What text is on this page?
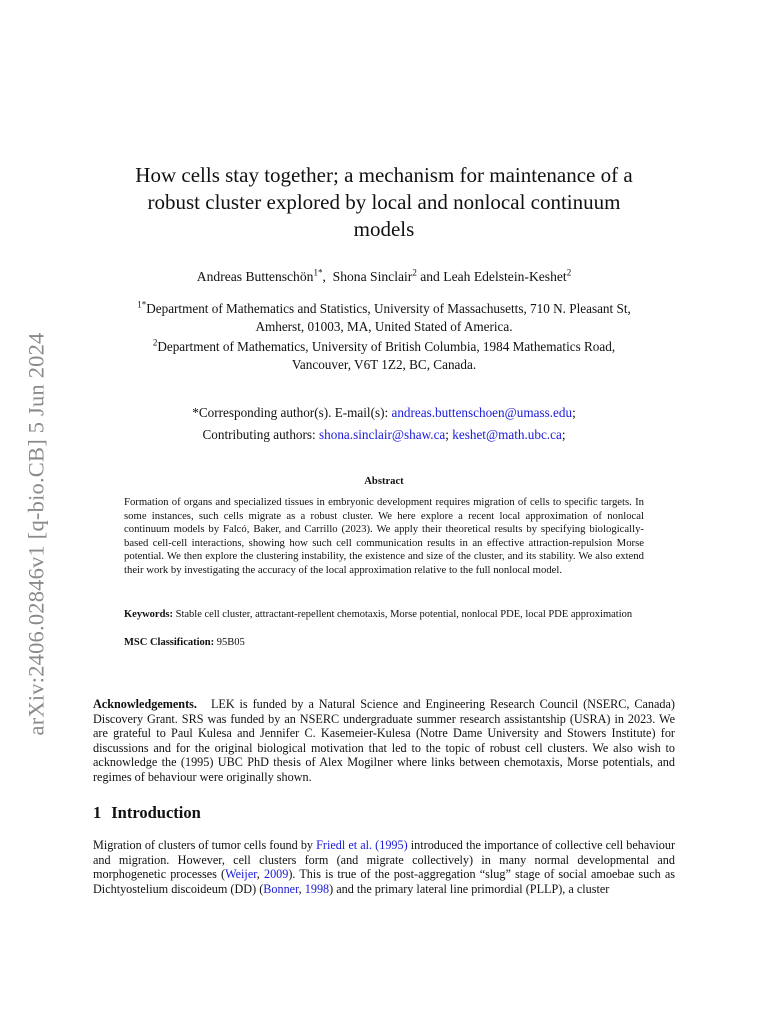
arXiv:2406.02846v1 [q-bio.CB] 5 Jun 2024
How cells stay together; a mechanism for maintenance of a
robust cluster explored by local and nonlocal continuum
models
Andreas Buttenschön$^{1*}$,  Shona Sinclair$^2$ and Leah Edelstein-Keshet$^2$
$^{1*}$Department of Mathematics and Statistics, University of Massachusetts, 710 N. Pleasant St,
Amherst, 01003, MA, United Stated of America.
$^2$Department of Mathematics, University of British Columbia, 1984 Mathematics Road,
Vancouver, V6T 1Z2, BC, Canada.
*Corresponding author(s). E-mail(s): andreas.buttenschoen@umass.edu;
Contributing authors: shona.sinclair@shaw.ca; keshet@math.ubc.ca;
Abstract
Formation of organs and specialized tissues in embryonic development requires migration of cells to specific targets. In some instances, such cells migrate as a robust cluster. We here explore a recent local approximation of nonlocal continuum models by Falcó, Baker, and Carrillo (2023). We apply their theoretical results by specifying biologically-based cell-cell interactions, showing how such cell communication results in an effective attraction-repulsion Morse potential. We then explore the clustering instability, the existence and size of the cluster, and its stability. We also extend their work by investigating the accuracy of the local approximation relative to the full nonlocal model.
Keywords: Stable cell cluster, attractant-repellent chemotaxis, Morse potential, nonlocal PDE, local PDE approximation
MSC Classification: 95B05
Acknowledgements. LEK is funded by a Natural Science and Engineering Research Council (NSERC, Canada) Discovery Grant. SRS was funded by an NSERC undergraduate summer research assistantship (USRA) in 2023. We are grateful to Paul Kulesa and Jennifer C. Kasemeier-Kulesa (Notre Dame University and Stowers Institute) for discussions and for the original biological motivation that led to the topic of robust cell clusters. We also wish to acknowledge the (1995) UBC PhD thesis of Alex Mogilner where links between chemotaxis, Morse potentials, and regimes of behaviour were originally shown.
1 Introduction
Migration of clusters of tumor cells found by Friedl et al. (1995) introduced the importance of collective cell behaviour and migration. However, cell clusters form (and migrate collectively) in many normal developmental and morphogenetic processes (Weijer, 2009). This is true of the post-aggregation “slug” stage of social amoebae such as Dichtyostelium discoideum (DD) (Bonner, 1998) and the primary lateral line primordial (PLLP), a cluster
